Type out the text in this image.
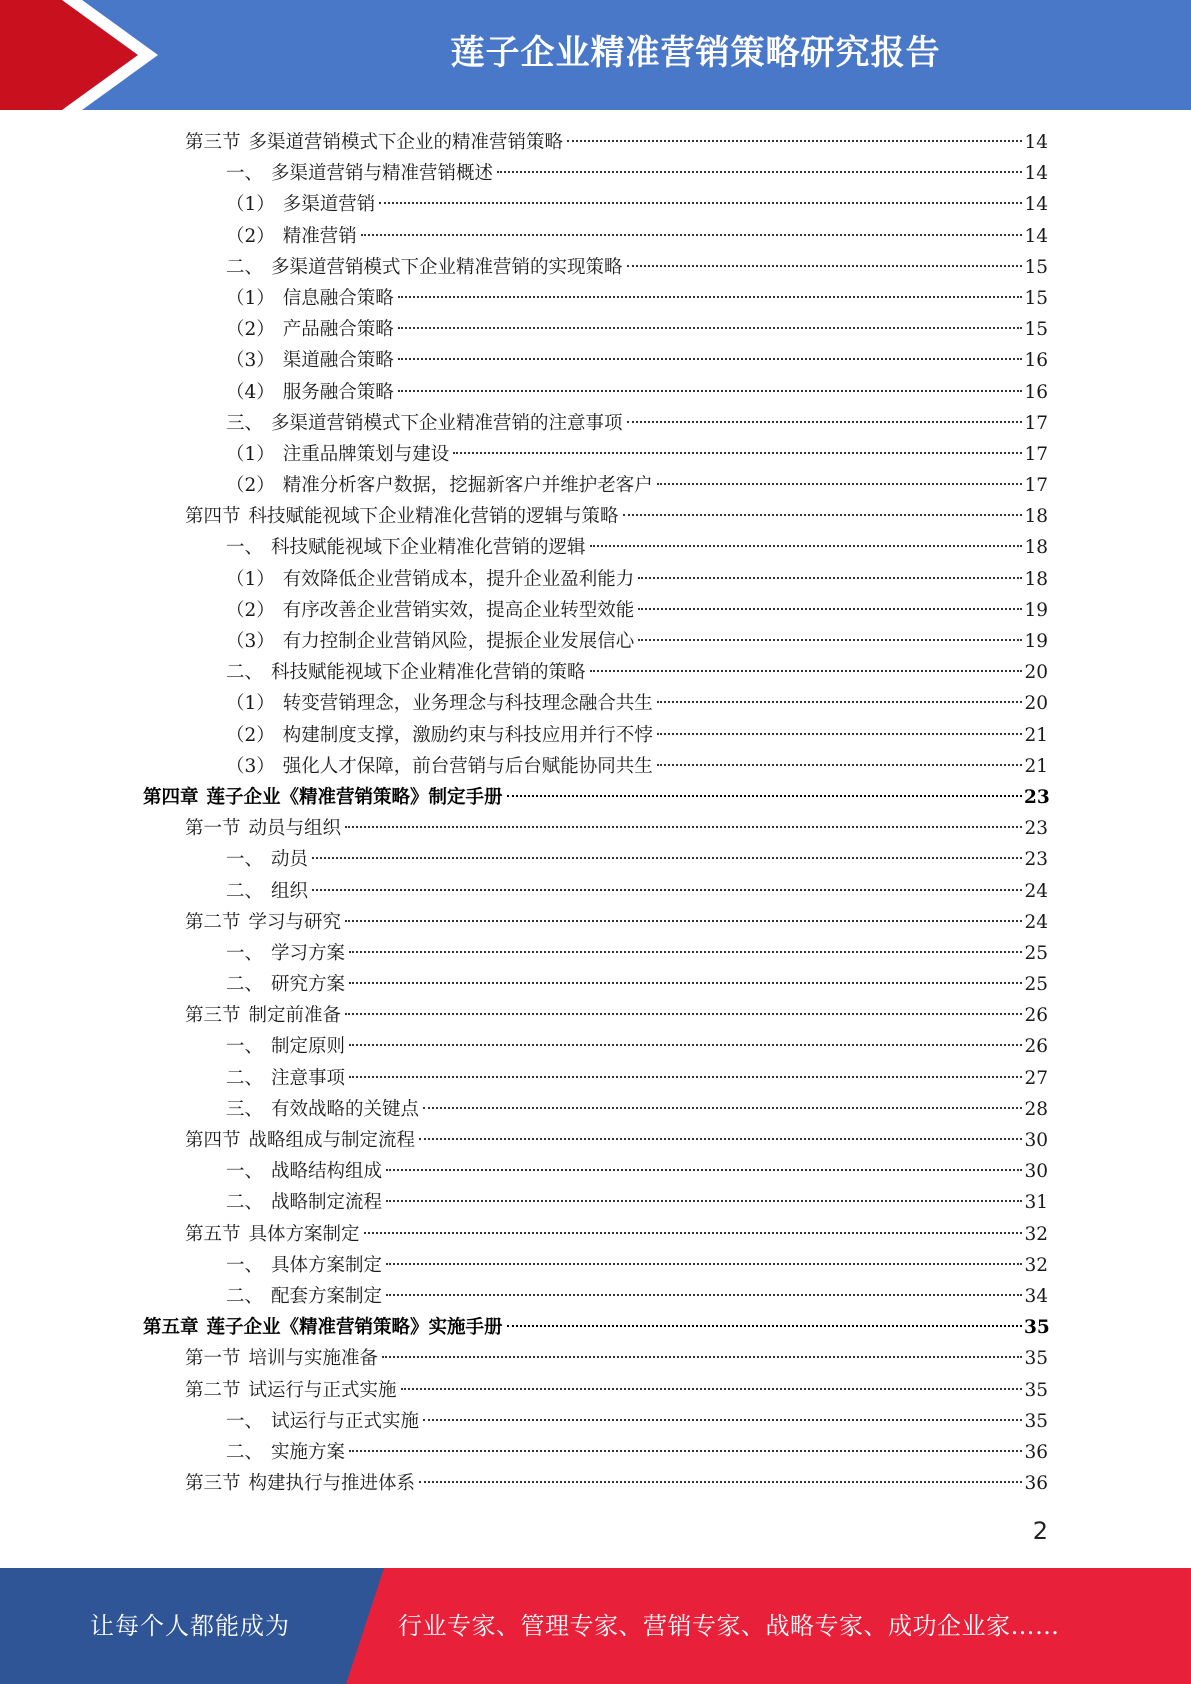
莲子企业精准营销策略研究报告
第三节 多渠道营销模式下企业的精准营销策略	14
一、 多渠道营销与精准营销概述	14
（1） 多渠道营销	14
（2） 精准营销	14
二、 多渠道营销模式下企业精准营销的实现策略	15
（1） 信息融合策略	15
（2） 产品融合策略	15
（3） 渠道融合策略	16
（4） 服务融合策略	16
三、 多渠道营销模式下企业精准营销的注意事项	17
（1） 注重品牌策划与建设	17
（2） 精准分析客户数据，挖掘新客户并维护老客户	17
第四节 科技赋能视域下企业精准化营销的逻辑与策略	18
一、 科技赋能视域下企业精准化营销的逻辑	18
（1） 有效降低企业营销成本，提升企业盈利能力	18
（2） 有序改善企业营销实效，提高企业转型效能	19
（3） 有力控制企业营销风险，提振企业发展信心	19
二、 科技赋能视域下企业精准化营销的策略	20
（1） 转变营销理念，业务理念与科技理念融合共生	20
（2） 构建制度支撑，激励约束与科技应用并行不悖	21
（3） 强化人才保障，前台营销与后台赋能协同共生	21
第四章 莲子企业《精准营销策略》制定手册	23
第一节 动员与组织	23
一、 动员	23
二、 组织	24
第二节 学习与研究	24
一、 学习方案	25
二、 研究方案	25
第三节 制定前准备	26
一、 制定原则	26
二、 注意事项	27
三、 有效战略的关键点	28
第四节 战略组成与制定流程	30
一、 战略结构组成	30
二、 战略制定流程	31
第五节 具体方案制定	32
一、 具体方案制定	32
二、 配套方案制定	34
第五章 莲子企业《精准营销策略》实施手册	35
第一节 培训与实施准备	35
第二节 试运行与正式实施	35
一、 试运行与正式实施	35
二、 实施方案	36
第三节 构建执行与推进体系	36
2
让每个人都能成为	行业专家、管理专家、营销专家、战略专家、成功企业家……
